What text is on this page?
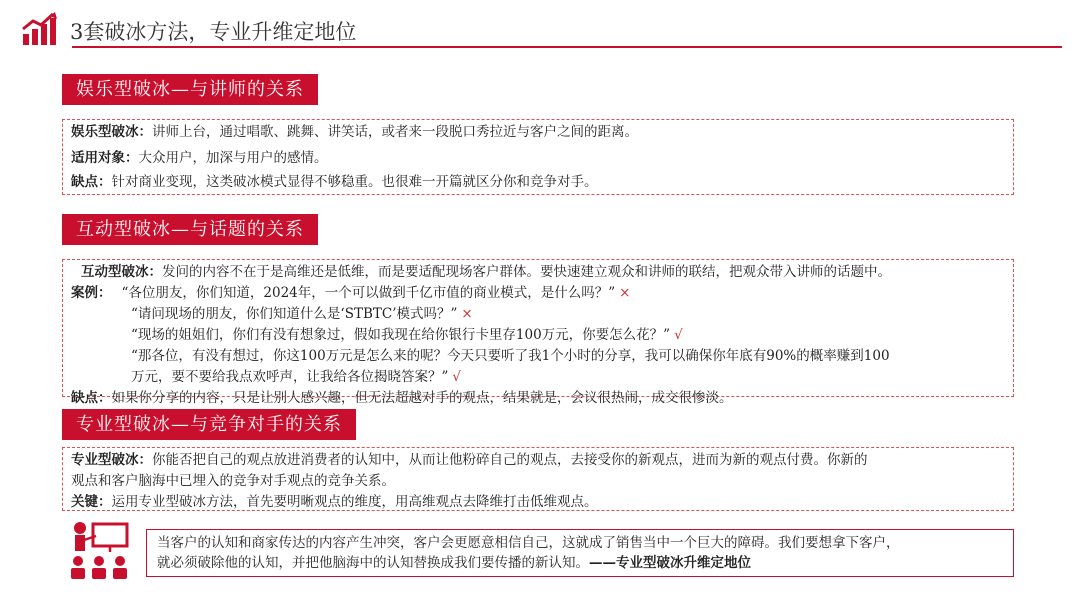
3套破冰方法，专业升维定地位
娱乐型破冰—与讲师的关系

娱乐型破冰：讲师上台，通过唱歌、跳舞、讲笑话，或者来一段脱口秀拉近与客户之间的距离。

适用对象：大众用户，加深与用户的感情。

缺点：针对商业变现，这类破冰模式显得不够稳重。也很难一开篇就区分你和竞争对手。

互动型破冰—与话题的关系

互动型破冰：发问的内容不在于是高维还是低维，而是要适配现场客户群体。要快速建立观众和讲师的联结，把观众带入讲师的话题中。

案例： “各位朋友，你们知道，2024年，一个可以做到千亿市值的商业模式，是什么吗？” ×

“请问现场的朋友，你们知道什么是‘STBTC’模式吗？” ×

“现场的姐姐们，你们有没有想象过，假如我现在给你银行卡里存100万元，你要怎么花？” √

“那各位，有没有想过，你这100万元是怎么来的呢？今天只要听了我1个小时的分享，我可以确保你年底有90%的概率赚到100

万元，要不要给我点欢呼声，让我给各位揭晓答案？” √

缺点：如果你分享的内容，只是让别人感兴趣，但无法超越对手的观点，结果就是，会议很热闹，成交很惨淡。

专业型破冰—与竞争对手的关系

专业型破冰：你能否把自己的观点放进消费者的认知中，从而让他粉碎自己的观点，去接受你的新观点，进而为新的观点付费。你新的

观点和客户脑海中已埋入的竞争对手观点的竞争关系。

关键：运用专业型破冰方法，首先要明晰观点的维度，用高维观点去降维打击低维观点。

当客户的认知和商家传达的内容产生冲突，客户会更愿意相信自己，这就成了销售当中一个巨大的障碍。我们要想拿下客户，

就必须破除他的认知，并把他脑海中的认知替换成我们要传播的新认知。——专业型破冰升维定地位
